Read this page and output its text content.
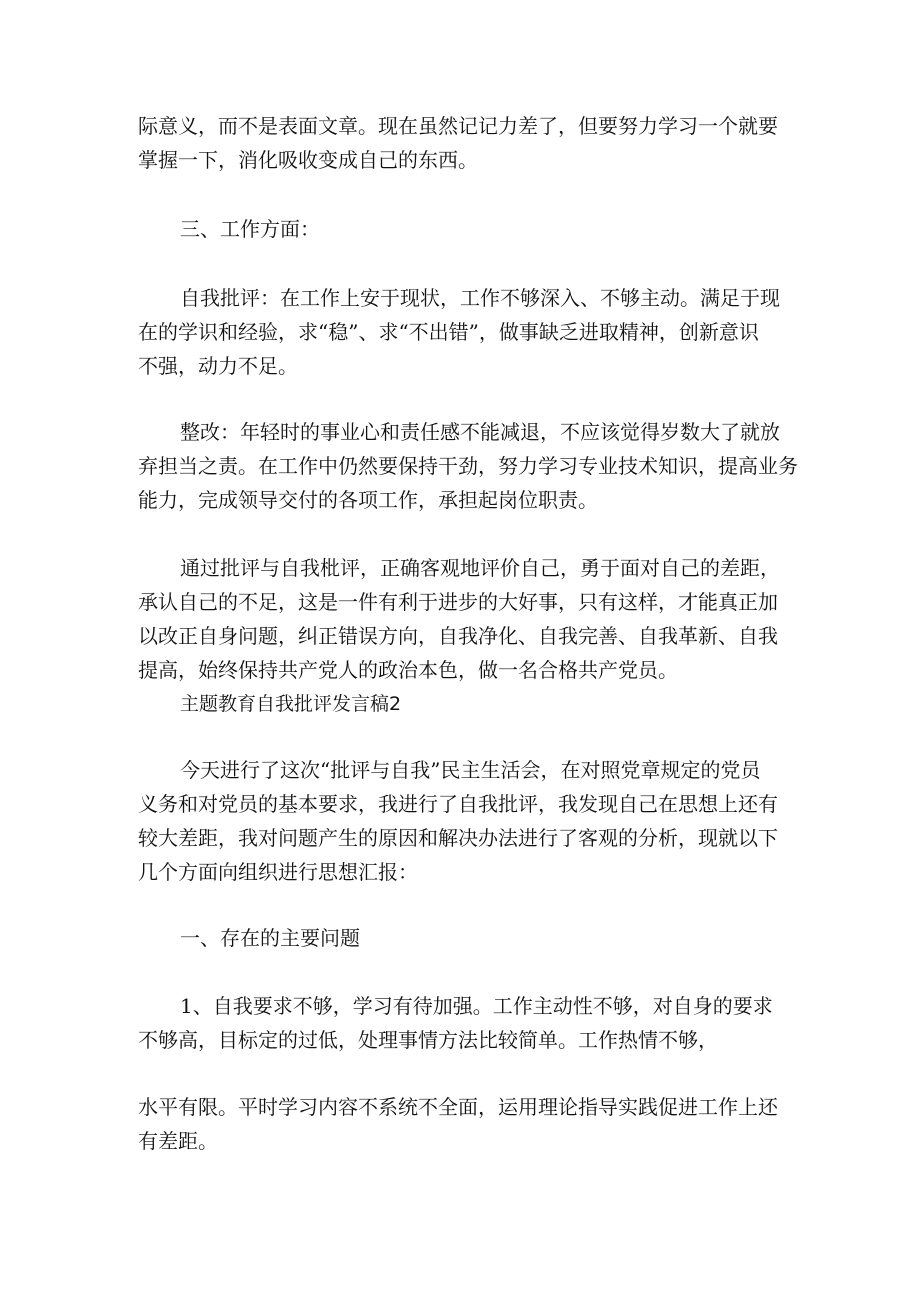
际意义，而不是表面文章。现在虽然记记力差了，但要努力学习一个就要
掌握一下，消化吸收变成自己的东西。
三、工作方面：
自我批评：在工作上安于现状，工作不够深入、不够主动。满足于现
在的学识和经验，求“稳”、求“不出错”，做事缺乏进取精神，创新意识
不强，动力不足。
整改：年轻时的事业心和责任感不能减退，不应该觉得岁数大了就放
弃担当之责。在工作中仍然要保持干劲，努力学习专业技术知识，提高业务
能力，完成领导交付的各项工作，承担起岗位职责。
通过批评与自我枇评，正确客观地评价自己，勇于面对自己的差距，
承认自己的不足，这是一件有利于进步的大好事，只有这样，才能真正加
以改正自身问题，纠正错误方向，自我净化、自我完善、自我革新、自我
提高，始终保持共产党人的政治本色，做一名合格共产党员。
主题教育自我批评发言稿2
今天进行了这次“批评与自我”民主生活会，在对照党章规定的党员
义务和对党员的基本要求，我进行了自我批评，我发现自己在思想上还有
较大差距，我对问题产生的原因和解决办法进行了客观的分析，现就以下
几个方面向组织进行思想汇报：
一、存在的主要问题
1、自我要求不够，学习有待加强。工作主动性不够，对自身的要求
不够高，目标定的过低，处理事情方法比较简单。工作热情不够，
水平有限。平时学习内容不系统不全面，运用理论指导实践促进工作上还
有差距。
